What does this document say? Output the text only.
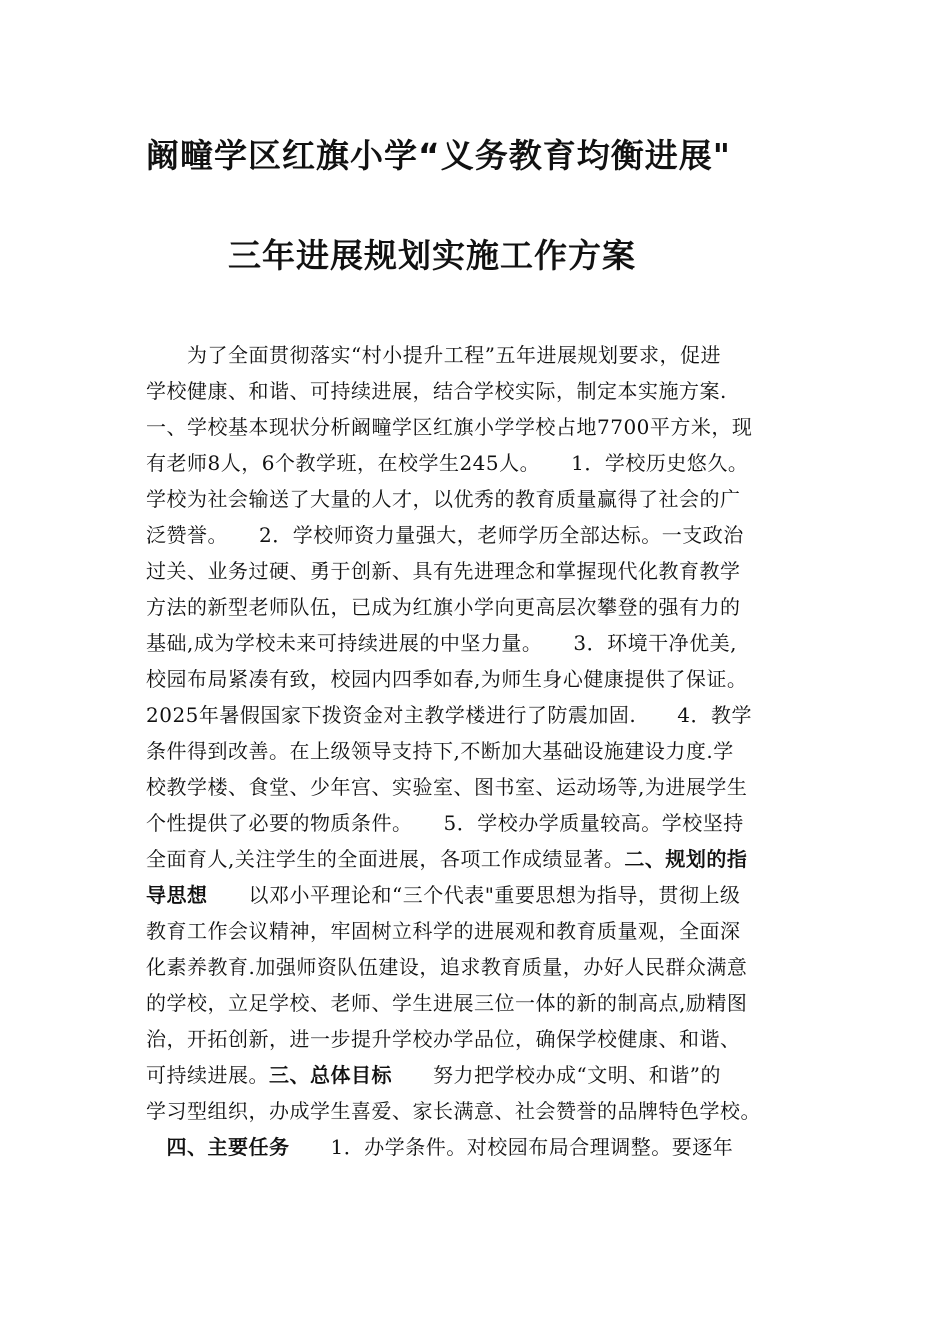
阚疃学区红旗小学“义务教育均衡进展"
三年进展规划实施工作方案
　　为了全面贯彻落实“村小提升工程”五年进展规划要求，促进
学校健康、和谐、可持续进展，结合学校实际，制定本实施方案.
一、学校基本现状分析阚疃学区红旗小学学校占地7700平方米，现
有老师8人，6个教学班，在校学生245人。　　1．学校历史悠久。
学校为社会输送了大量的人才，以优秀的教育质量赢得了社会的广
泛赞誉。　　2．学校师资力量强大，老师学历全部达标。一支政治
过关、业务过硬、勇于创新、具有先进理念和掌握现代化教育教学
方法的新型老师队伍，已成为红旗小学向更高层次攀登的强有力的
基础,成为学校未来可持续进展的中坚力量。　　3．环境干净优美,
校园布局紧凑有致，校园内四季如春,为师生身心健康提供了保证。
2025年暑假国家下拨资金对主教学楼进行了防震加固.　　4．教学
条件得到改善。在上级领导支持下,不断加大基础设施建设力度.学
校教学楼、食堂、少年宫、实验室、图书室、运动场等,为进展学生
个性提供了必要的物质条件。　　5．学校办学质量较高。学校坚持
全面育人,关注学生的全面进展，各项工作成绩显著。二、规划的指
导思想　　以邓小平理论和“三个代表"重要思想为指导，贯彻上级
教育工作会议精神，牢固树立科学的进展观和教育质量观，全面深
化素养教育.加强师资队伍建设，追求教育质量，办好人民群众满意
的学校，立足学校、老师、学生进展三位一体的新的制高点,励精图
治，开拓创新，进一步提升学校办学品位，确保学校健康、和谐、
可持续进展。三、总体目标　　努力把学校办成“文明、和谐”的
学习型组织，办成学生喜爱、家长满意、社会赞誉的品牌特色学校。
　四、主要任务　　1．办学条件。对校园布局合理调整。要逐年
